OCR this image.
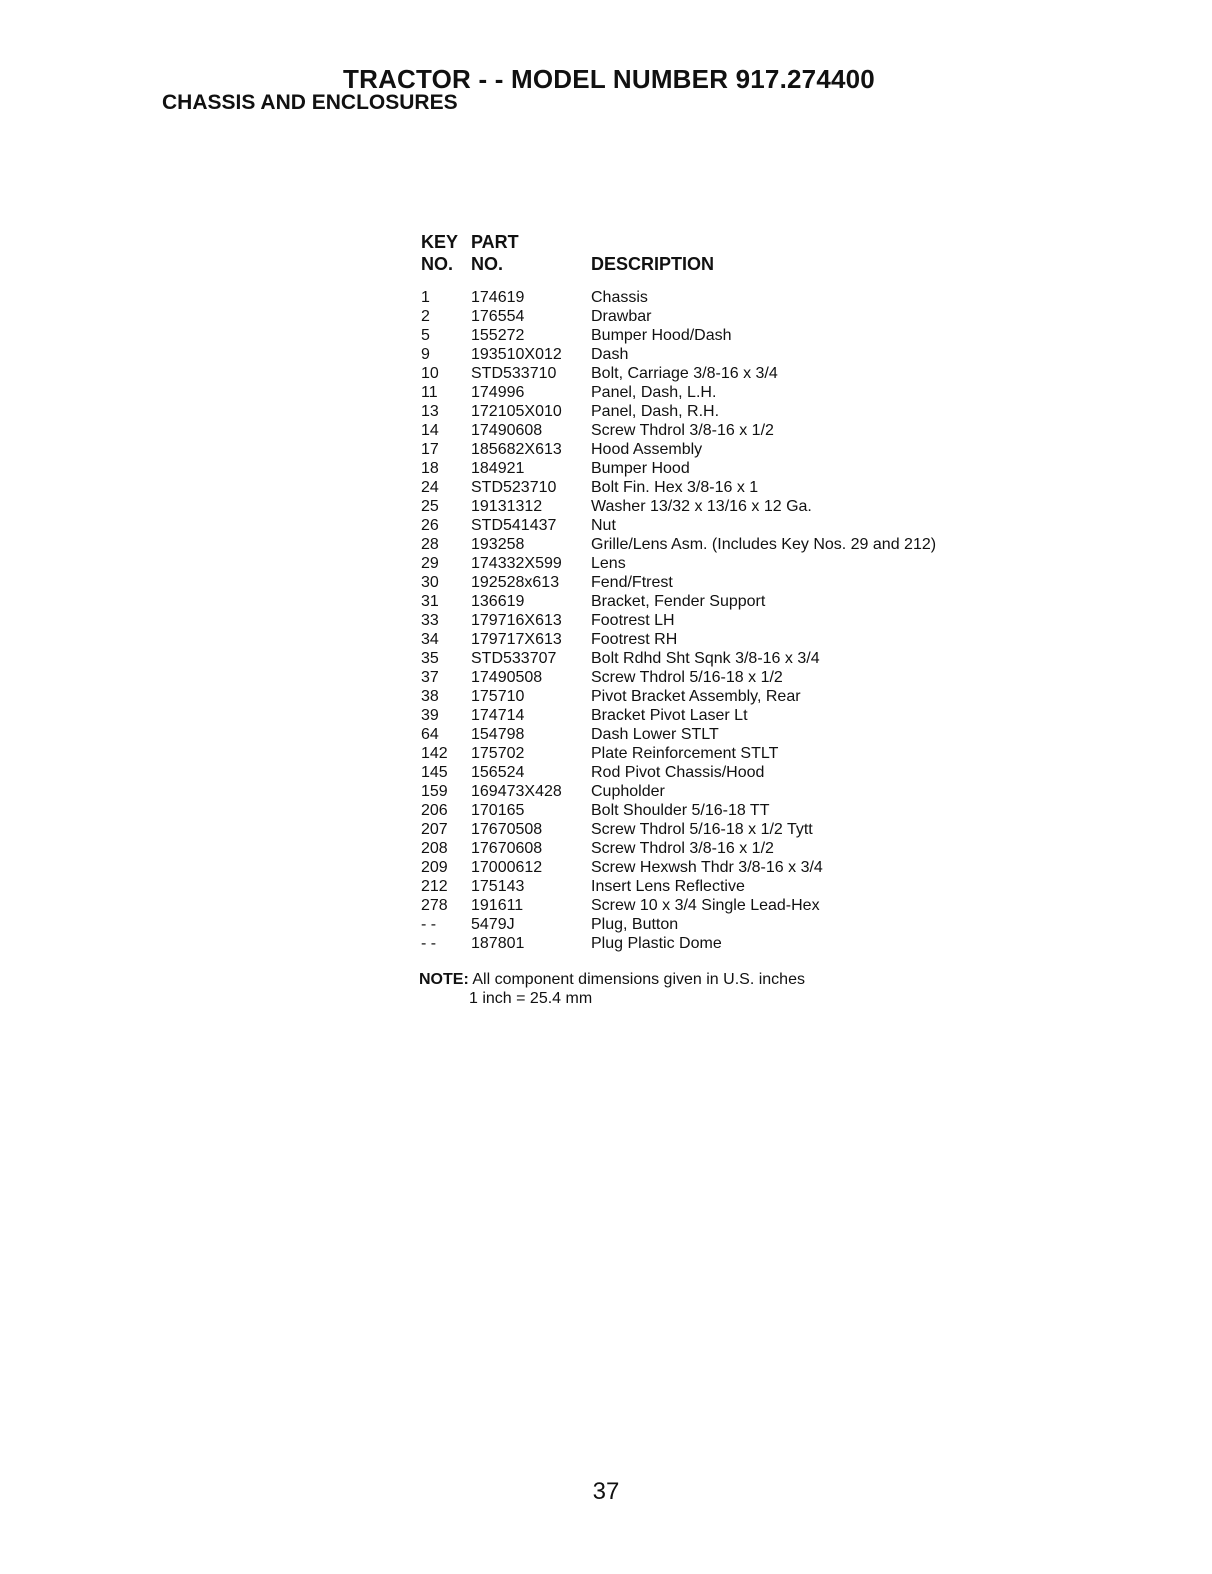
TRACTOR - - MODEL NUMBER 917.274400
CHASSIS AND ENCLOSURES
KEY PART
NO. NO.	DESCRIPTION
1	174619	Chassis
2	176554	Drawbar
5	155272	Bumper Hood/Dash
9	193510X012 Dash
10 STD533710 Bolt, Carriage 3/8-16 x 3/4
11 174996	Panel, Dash, L.H.
13 172105X010 Panel, Dash, R.H.
14 17490608	Screw Thdrol 3/8-16 x 1/2
17 185682X613 Hood Assembly
18 184921	Bumper Hood
24 STD523710 Bolt Fin. Hex 3/8-16 x 1
25 19131312	Washer 13/32 x 13/16 x 12 Ga.
26 STD541437 Nut
28 193258	Grille/Lens Asm. (Includes Key Nos. 29 and 212)
29 174332X599 Lens
30 192528x613 Fend/Ftrest
31 136619	Bracket, Fender Support
33 179716X613 Footrest LH
34 179717X613 Footrest RH
35 STD533707 Bolt Rdhd Sht Sqnk 3/8-16 x 3/4
37 17490508	Screw Thdrol 5/16-18 x 1/2
38 175710	Pivot Bracket Assembly, Rear
39 174714	Bracket Pivot Laser Lt
64 154798	Dash Lower STLT
142 175702	Plate Reinforcement STLT
145 156524	Rod Pivot Chassis/Hood
159 169473X428 Cupholder
206 170165	Bolt Shoulder 5/16-18 TT
207 17670508	Screw Thdrol 5/16-18 x 1/2 Tytt
208 17670608	Screw Thdrol 3/8-16 x 1/2
209 17000612	Screw Hexwsh Thdr 3/8-16 x 3/4
212 175143	Insert Lens Reflective
278 191611	Screw 10 x 3/4 Single Lead-Hex
- - 5479J	Plug, Button
- - 187801	Plug Plastic Dome
NOTE: All component dimensions given in U.S. inches
1 inch = 25.4 mm
37
